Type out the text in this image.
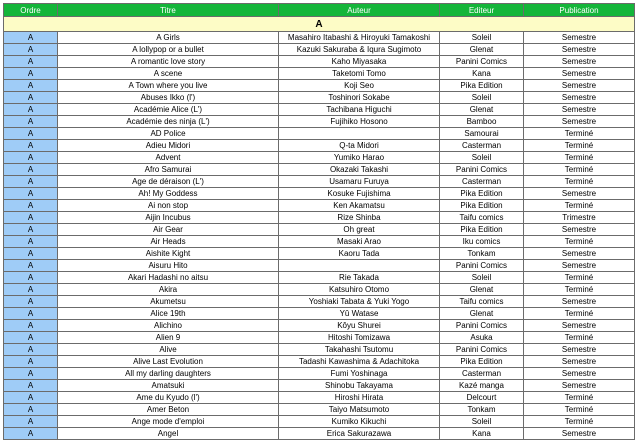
Ordre	Titre	Auteur	Editeur	Publication
A				
A	A Girls	Masahiro Itabashi & Hiroyuki Tamakoshi	Soleil	Semestre
A	A lollypop or a bullet	Kazuki Sakuraba & Iqura Sugimoto	Glenat	Semestre
A	A romantic love story	Kaho Miyasaka	Panini Comics	Semestre
A	A scene	Taketomi Tomo	Kana	Semestre
A	A Town where you live	Koji Seo	Pika Edition	Semestre
A	Abuses Ikko (l')	Toshinori Sokabe	Soleil	Semestre
A	Académie Alice (L')	Tachibana Higuchi	Glenat	Semestre
A	Académie des ninja (L')	Fujihiko Hosono	Bamboo	Semestre
A	AD Police		Samourai	Terminé
A	Adieu Midori	Q-ta Midori	Casterman	Terminé
A	Advent	Yumiko Harao	Soleil	Terminé
A	Afro Samurai	Okazaki Takashi	Panini Comics	Terminé
A	Age de déraison (L')	Usamaru Furuya	Casterman	Terminé
A	Ah! My Goddess	Kosuke Fujishima	Pika Edition	Semestre
A	Ai non stop	Ken Akamatsu	Pika Edition	Terminé
A	Aijin Incubus	Rize Shinba	Taifu comics	Trimestre
A	Air Gear	Oh great	Pika Edition	Semestre
A	Air Heads	Masaki Arao	Iku comics	Terminé
A	Aishite Kight	Kaoru Tada	Tonkam	Semestre
A	Aisuru Hito		Panini Comics	Semestre
A	Akari Hadashi no aitsu	Rie Takada	Soleil	Terminé
A	Akira	Katsuhiro Otomo	Glenat	Terminé
A	Akumetsu	Yoshiaki Tabata & Yuki Yogo	Taifu comics	Semestre
A	Alice 19th	Yû Watase	Glenat	Terminé
A	Alichino	Kôyu Shurei	Panini Comics	Semestre
A	Alien 9	Hitoshi Tomizawa	Asuka	Terminé
A	Alive	Takahashi Tsutomu	Panini Comics	Semestre
A	Alive Last Evolution	Tadashi Kawashima & Adachitoka	Pika Edition	Semestre
A	All my darling daughters	Fumi Yoshinaga	Casterman	Semestre
A	Amatsuki	Shinobu Takayama	Kazé manga	Semestre
A	Ame du Kyudo (l')	Hiroshi Hirata	Delcourt	Terminé
A	Amer Beton	Taiyo Matsumoto	Tonkam	Terminé
A	Ange mode d'emploi	Kumiko Kikuchi	Soleil	Terminé
A	Angel	Erica Sakurazawa	Kana	Semestre
